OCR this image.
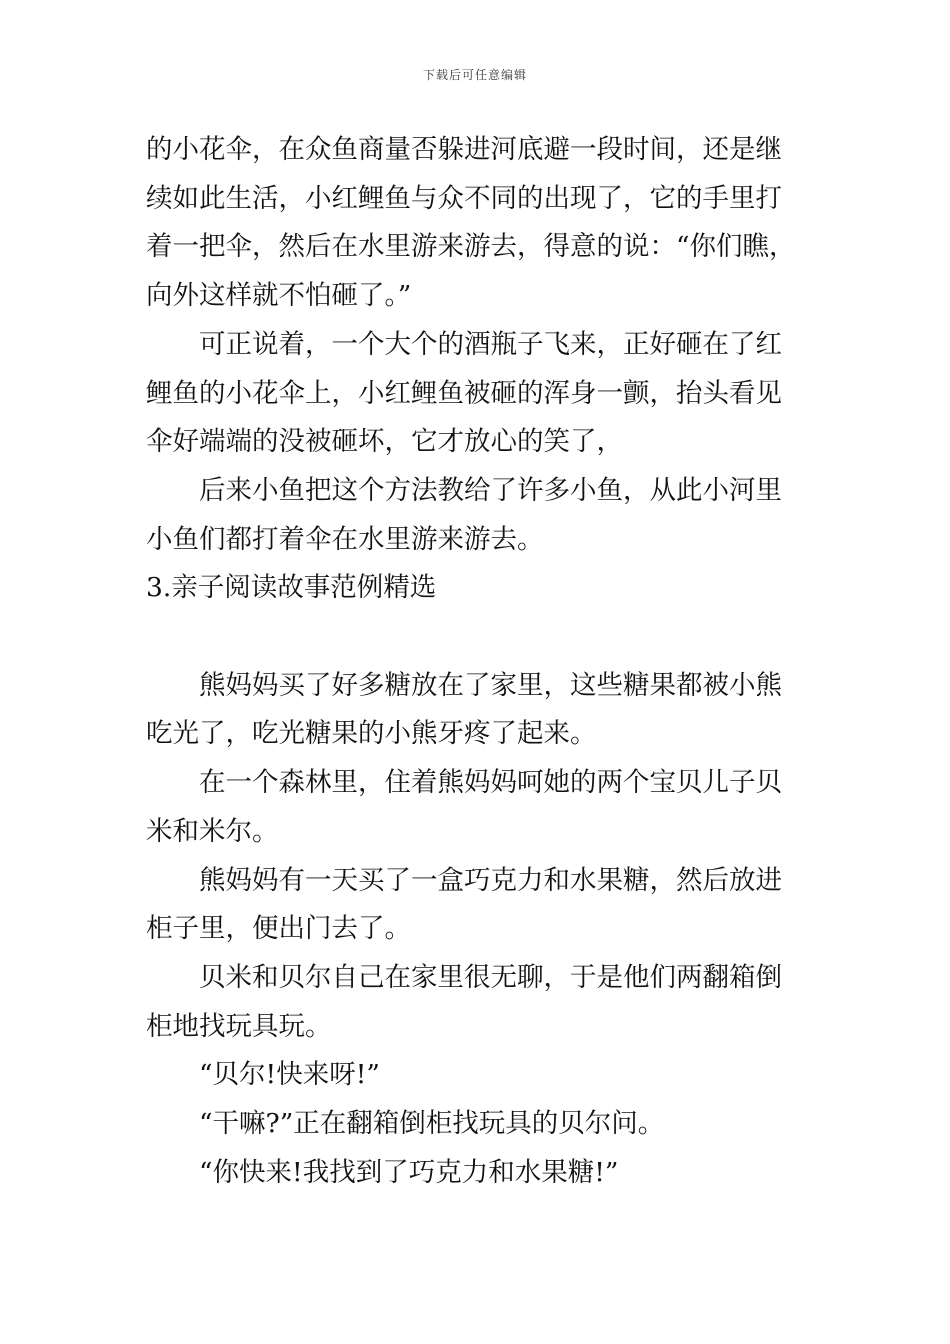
下载后可任意编辑

的小花伞，在众鱼商量否躲进河底避一段时间，还是继续如此生活，小红鲤鱼与众不同的出现了，它的手里打着一把伞，然后在水里游来游去，得意的说：“你们瞧，向外这样就不怕砸了。”

可正说着，一个大个的酒瓶子飞来，正好砸在了红鲤鱼的小花伞上，小红鲤鱼被砸的浑身一颤，抬头看见伞好端端的没被砸坏，它才放心的笑了，

后来小鱼把这个方法教给了许多小鱼，从此小河里小鱼们都打着伞在水里游来游去。

3.亲子阅读故事范例精选

熊妈妈买了好多糖放在了家里，这些糖果都被小熊吃光了，吃光糖果的小熊牙疼了起来。

在一个森林里，住着熊妈妈呵她的两个宝贝儿子贝米和米尔。

熊妈妈有一天买了一盒巧克力和水果糖，然后放进柜子里，便出门去了。

贝米和贝尔自己在家里很无聊，于是他们两翻箱倒柜地找玩具玩。

“贝尔!快来呀!”

“干嘛?”正在翻箱倒柜找玩具的贝尔问。

“你快来!我找到了巧克力和水果糖!”
